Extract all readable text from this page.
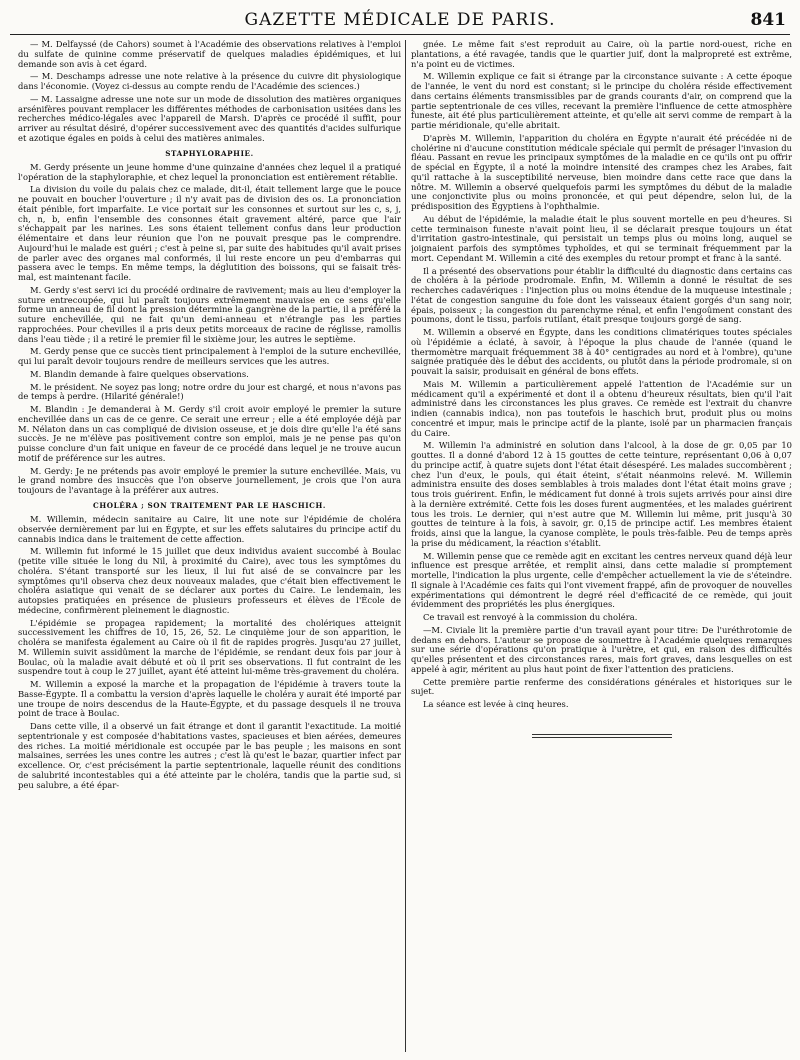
GAZETTE MÉDICALE DE PARIS.	841

— M. Delfayssé (de Cahors) soumet à l'Académie des observations relatives à l'emploi du sulfate de quinine comme préservatif de quelques maladies épidémiques, et lui demande son avis à cet égard.

— M. Deschamps adresse une note relative à la présence du cuivre dit physiologique dans l'économie. (Voyez ci-dessus au compte rendu de l'Académie des sciences.)

— M. Lassaigne adresse une note sur un mode de dissolution des matières organiques arsénifères pouvant remplacer les différentes méthodes de carbonisation usitées dans les recherches médico-légales avec l'appareil de Marsh. D'après ce procédé il suffit, pour arriver au résultat désiré, d'opérer successivement avec des quantités d'acides sulfurique et azotique égales en poids à celui des matières animales.

STAPHYLORAPHIE.

M. Gerdy présente un jeune homme d'une quinzaine d'années chez lequel il a pratiqué l'opération de la staphyloraphie, et chez lequel la prononciation est entièrement rétablie.

La division du voile du palais chez ce malade, dit-il, était tellement large que le pouce ne pouvait en boucher l'ouverture ; il n'y avait pas de division des os. La prononciation était pénible, fort imparfaite. Le vice portait sur les consonnes et surtout sur les c, s, j, ch, n, b, enfin l'ensemble des consonnes était gravement altéré, parce que l'air s'échappait par les narines. Les sons étaient tellement confus dans leur production élémentaire et dans leur réunion que l'on ne pouvait presque pas le comprendre. Aujourd'hui le malade est guéri ; c'est à peine si, par suite des habitudes qu'il avait prises de parler avec des organes mal conformés, il lui reste encore un peu d'embarras qui passera avec le temps. En même temps, la déglutition des boissons, qui se faisait très-mal, est maintenant facile.

M. Gerdy s'est servi ici du procédé ordinaire de ravivement; mais au lieu d'employer la suture entrecoupée, qui lui paraît toujours extrêmement mauvaise en ce sens qu'elle forme un anneau de fil dont la pression détermine la gangrène de la partie, il a préféré la suture enchevillée, qui ne fait qu'un demi-anneau et n'étrangle pas les parties rapprochées. Pour chevilles il a pris deux petits morceaux de racine de réglisse, ramollis dans l'eau tiède ; il a retiré le premier fil le sixième jour, les autres le septième.

M. Gerdy pense que ce succès tient principalement à l'emploi de la suture enchevillée, qui lui paraît devoir toujours rendre de meilleurs services que les autres.

M. Blandin demande à faire quelques observations.

M. le président. Ne soyez pas long; notre ordre du jour est chargé, et nous n'avons pas de temps à perdre. (Hilarité générale!)

M. Blandin : Je demanderai à M. Gerdy s'il croit avoir employé le premier la suture enchevillée dans un cas de ce genre. Ce serait une erreur ; elle a été employée déjà par M. Nélaton dans un cas compliqué de division osseuse, et je dois dire qu'elle l'a été sans succès. Je ne m'élève pas positivement contre son emploi, mais je ne pense pas qu'on puisse conclure d'un fait unique en faveur de ce procédé dans lequel je ne trouve aucun motif de préférence sur les autres.

M. Gerdy: Je ne prétends pas avoir employé le premier la suture enchevillée. Mais, vu le grand nombre des insuccès que l'on observe journellement, je crois que l'on aura toujours de l'avantage à la préférer aux autres.

CHOLÉRA ; SON TRAITEMENT PAR LE HASCHICH.

M. Willemin, médecin sanitaire au Caire, lit une note sur l'épidémie de choléra observée dernièrement par lui en Égypte, et sur les effets salutaires du principe actif du cannabis indica dans le traitement de cette affection.

M. Willemin fut informé le 15 juillet que deux individus avaient succombé à Boulac (petite ville située le long du Nil, à proximité du Caire), avec tous les symptômes du choléra. S'étant transporté sur les lieux, il lui fut aisé de se convaincre par les symptômes qu'il observa chez deux nouveaux malades, que c'était bien effectivement le choléra asiatique qui venait de se déclarer aux portes du Caire. Le lendemain, les autopsies pratiquées en présence de plusieurs professeurs et élèves de l'École de médecine, confirmèrent pleinement le diagnostic.

L'épidémie se propagea rapidement; la mortalité des cholériques atteignit successivement les chiffres de 10, 15, 26, 52. Le cinquième jour de son apparition, le choléra se manifesta également au Caire où il fit de rapides progrès. Jusqu'au 27 juillet, M. Willemin suivit assidûment la marche de l'épidémie, se rendant deux fois par jour à Boulac, où la maladie avait débuté et où il prit ses observations. Il fut contraint de les suspendre tout à coup le 27 juillet, ayant été atteint lui-même très-gravement du choléra.

M. Willemin a exposé la marche et la propagation de l'épidémie à travers toute la Basse-Égypte. Il a combattu la version d'après laquelle le choléra y aurait été importé par une troupe de noirs descendus de la Haute-Égypte, et du passage desquels il ne trouva point de trace à Boulac.

Dans cette ville, il a observé un fait étrange et dont il garantit l'exactitude. La moitié septentrionale y est composée d'habitations vastes, spacieuses et bien aérées, demeures des riches. La moitié méridionale est occupée par le bas peuple ; les maisons en sont malsaines, serrées les unes contre les autres ; c'est là qu'est le bazar, quartier infect par excellence. Or, c'est précisément la partie septentrionale, laquelle réunit des conditions de salubrité incontestables qui a été atteinte par le choléra, tandis que la partie sud, si peu salubre, a été épar-

gnée. Le même fait s'est reproduit au Caire, où la partie nord-ouest, riche en plantations, a été ravagée, tandis que le quartier juif, dont la malpropreté est extrême, n'a point eu de victimes.

M. Willemin explique ce fait si étrange par la circonstance suivante : A cette époque de l'année, le vent du nord est constant; si le principe du choléra réside effectivement dans certains éléments transmissibles par de grands courants d'air, on comprend que la partie septentrionale de ces villes, recevant la première l'influence de cette atmosphère funeste, ait été plus particulièrement atteinte, et qu'elle ait servi comme de rempart à la partie méridionale, qu'elle abritait.

D'après M. Willemin, l'apparition du choléra en Égypte n'aurait été précédée ni de cholérine ni d'aucune constitution médicale spéciale qui permît de présager l'invasion du fléau. Passant en revue les principaux symptômes de la maladie en ce qu'ils ont pu offrir de spécial en Égypte, il a noté la moindre intensité des crampes chez les Arabes, fait qu'il rattache à la susceptibilité nerveuse, bien moindre dans cette race que dans la nôtre. M. Willemin a observé quelquefois parmi les symptômes du début de la maladie une conjonctivite plus ou moins prononcée, et qui peut dépendre, selon lui, de la prédisposition des Égyptiens à l'ophthalmie.

Au début de l'épidémie, la maladie était le plus souvent mortelle en peu d'heures. Si cette terminaison funeste n'avait point lieu, il se déclarait presque toujours un état d'irritation gastro-intestinale, qui persistait un temps plus ou moins long, auquel se joignaient parfois des symptômes typhoïdes, et qui se terminait fréquemment par la mort. Cependant M. Willemin a cité des exemples du retour prompt et franc à la santé.

Il a présenté des observations pour établir la difficulté du diagnostic dans certains cas de choléra à la période prodromale. Enfin, M. Willemin a donné le résultat de ses recherches cadavériques : l'injection plus ou moins étendue de la muqueuse intestinale ; l'état de congestion sanguine du foie dont les vaisseaux étaient gorgés d'un sang noir, épais, poisseux ; la congestion du parenchyme rénal, et enfin l'engoûment constant des poumons, dont le tissu, parfois rutilant, était presque toujours gorgé de sang.

M. Willemin a observé en Égypte, dans les conditions climatériques toutes spéciales où l'épidémie a éclaté, à savoir, à l'époque la plus chaude de l'année (quand le thermomètre marquait fréquemment 38 à 40° centigrades au nord et à l'ombre), qu'une saignée pratiquée dès le début des accidents, ou plutôt dans la période prodromale, si on pouvait la saisir, produisait en général de bons effets.

Mais M. Willemin a particulièrement appelé l'attention de l'Académie sur un médicament qu'il a expérimenté et dont il a obtenu d'heureux résultats, bien qu'il l'ait administré dans les circonstances les plus graves. Ce remède est l'extrait du chanvre indien (cannabis indica), non pas toutefois le haschich brut, produit plus ou moins concentré et impur, mais le principe actif de la plante, isolé par un pharmacien français du Caire.

M. Willemin l'a administré en solution dans l'alcool, à la dose de gr. 0,05 par 10 gouttes. Il a donné d'abord 12 à 15 gouttes de cette teinture, représentant 0,06 à 0,07 du principe actif, à quatre sujets dont l'état était désespéré. Les malades succombèrent ; chez l'un d'eux, le pouls, qui était éteint, s'était néanmoins relevé. M. Willemin administra ensuite des doses semblables à trois malades dont l'état était moins grave ; tous trois guérirent. Enfin, le médicament fut donné à trois sujets arrivés pour ainsi dire à la dernière extrémité. Cette fois les doses furent augmentées, et les malades guérirent tous les trois. Le dernier, qui n'est autre que M. Willemin lui même, prit jusqu'à 30 gouttes de teinture à la fois, à savoir, gr. 0,15 de principe actif. Les membres étaient froids, ainsi que la langue, la cyanose complète, le pouls très-faible. Peu de temps après la prise du médicament, la réaction s'établit.

M. Willemin pense que ce remède agit en excitant les centres nerveux quand déjà leur influence est presque arrêtée, et remplit ainsi, dans cette maladie si promptement mortelle, l'indication la plus urgente, celle d'empêcher actuellement la vie de s'éteindre. Il signale à l'Académie ces faits qui l'ont vivement frappé, afin de provoquer de nouvelles expérimentations qui démontrent le degré réel d'efficacité de ce remède, qui jouit évidemment des propriétés les plus énergiques.

Ce travail est renvoyé à la commission du choléra.

—M. Civiale lit la première partie d'un travail ayant pour titre: De l'uréthrotomie de dedans en dehors. L'auteur se propose de soumettre à l'Académie quelques remarques sur une série d'opérations qu'on pratique à l'urètre, et qui, en raison des difficultés qu'elles présentent et des circonstances rares, mais fort graves, dans lesquelles on est appelé à agir, méritent au plus haut point de fixer l'attention des praticiens.

Cette première partie renferme des considérations générales et historiques sur le sujet.

La séance est levée à cinq heures.
